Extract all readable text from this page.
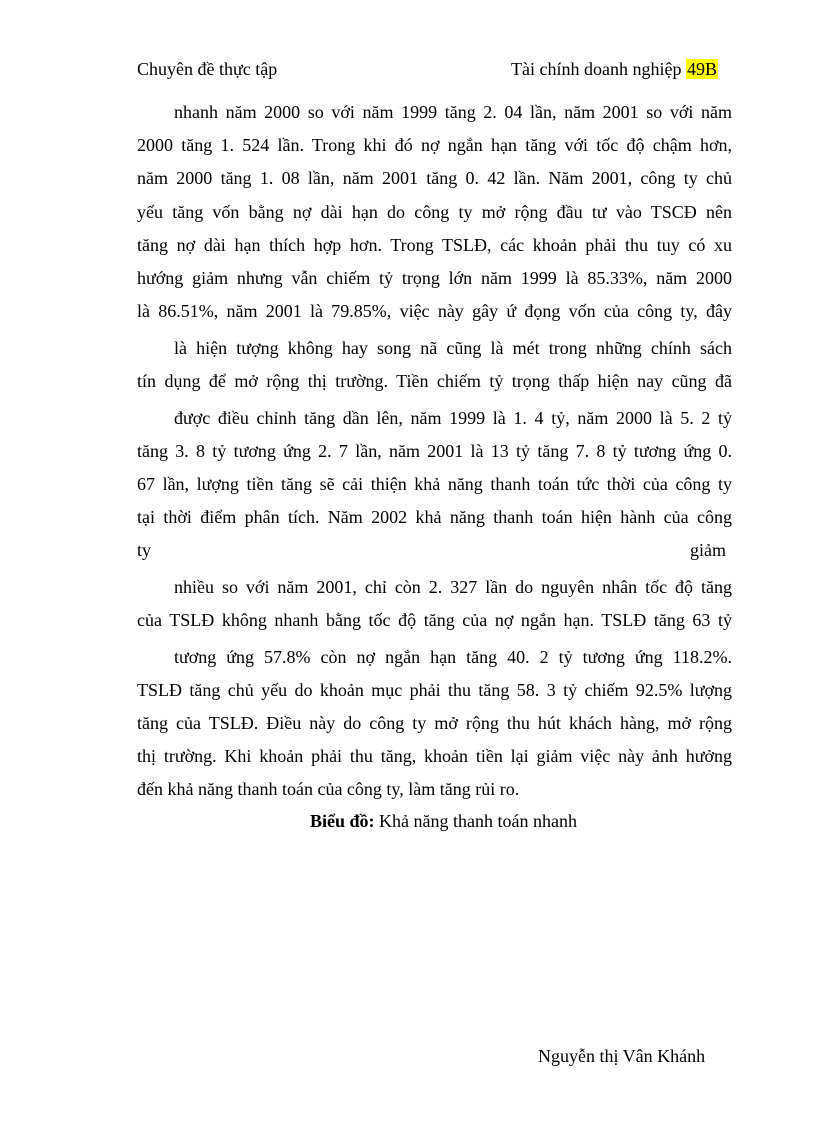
Chuyên đề thực tập	Tài chính doanh nghiệp 49B
nhanh năm 2000 so với năm 1999 tăng 2. 04 lần, năm 2001 so với năm
2000 tăng 1. 524 lần. Trong khi đó nợ ngắn hạn tăng với tốc độ chậm hơn,
năm 2000 tăng 1. 08 lần, năm 2001 tăng 0. 42 lần. Năm 2001, công ty chủ
yếu tăng vốn bằng nợ dài hạn do công ty mở rộng đầu tư vào TSCĐ nên
tăng nợ dài hạn thích hợp hơn. Trong TSLĐ, các khoản phải thu tuy có xu
hướng giảm nhưng vẫn chiếm tỷ trọng lớn năm 1999 là 85.33%, năm 2000
là 86.51%, năm 2001 là 79.85%, việc này gây ứ đọng vốn của công ty, đây
là hiện tượng không hay song nã cũng là mét trong những chính sách
tín dụng để mở rộng thị trường. Tiền chiếm tỷ trọng thấp hiện nay cũng đã
được điều chỉnh tăng dần lên, năm 1999 là 1. 4 tỷ, năm 2000 là 5. 2 tỷ
tăng 3. 8 tỷ tương ứng 2. 7 lần, năm 2001 là 13 tỷ tăng 7. 8 tỷ tương ứng 0.
67 lần, lượng tiền tăng sẽ cải thiện khả năng thanh toán tức thời của công ty
tại thời điểm phân tích. Năm 2002 khả năng thanh toán hiện hành của công
ty	giảm
nhiều so với năm 2001, chỉ còn 2. 327 lần do nguyên nhân tốc độ tăng
của TSLĐ không nhanh bằng tốc độ tăng của nợ ngắn hạn. TSLĐ tăng 63 tỷ
tương ứng 57.8% còn nợ ngắn hạn tăng 40. 2 tỷ tương ứng 118.2%.
TSLĐ tăng chủ yếu do khoản mục phải thu tăng 58. 3 tỷ chiếm 92.5% lượng
tăng của TSLĐ. Điều này do công ty mở rộng thu hút khách hàng, mở rộng
thị trường. Khi khoản phải thu tăng, khoản tiền lại giảm việc này ảnh hưởng
đến khả năng thanh toán của công ty, làm tăng rủi ro.
Biểu đồ: Khả năng thanh toán nhanh
Nguyễn thị Vân Khánh
